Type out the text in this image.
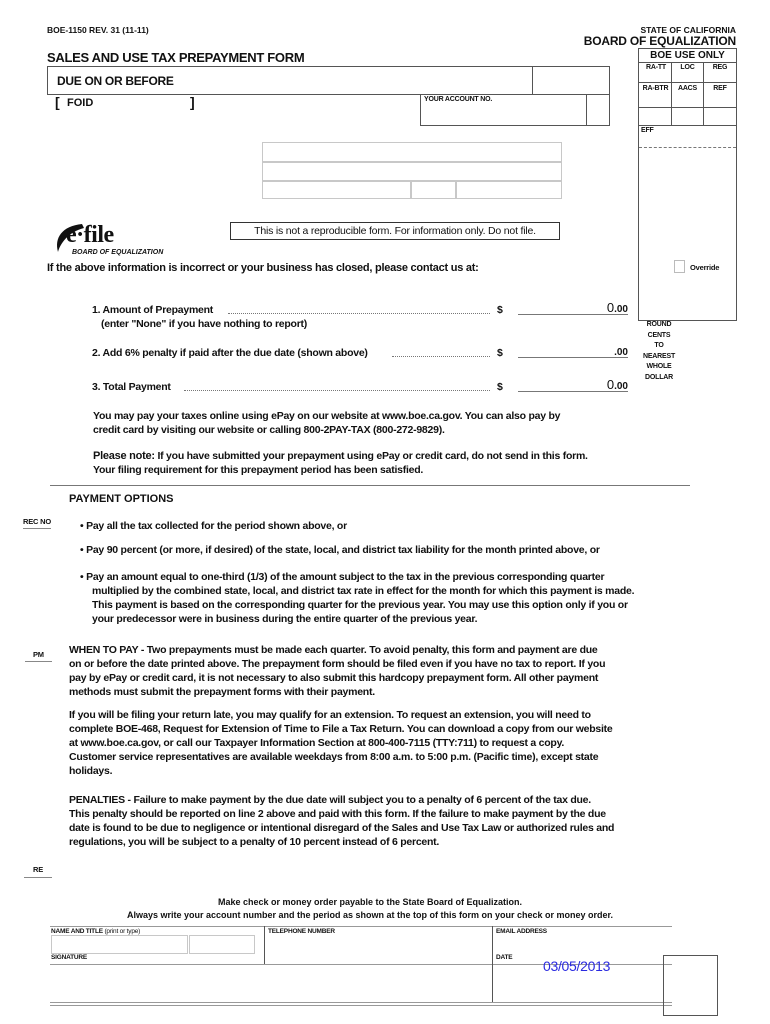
BOE-1150 REV. 31 (11-11)	STATE OF CALIFORNIA
BOARD OF EQUALIZATION
SALES AND USE TAX PREPAYMENT FORM
DUE ON OR BEFORE
[ FOID	]	YOUR ACCOUNT NO.
BOE USE ONLY
RA-TT	LOC	REG
RA-BTR	AACS	REF
EFF
e·file
BOARD OF EQUALIZATION
This is not a reproducible form. For information only. Do not file.
If the above information is incorrect or your business has closed, please contact us at:	Override
1. Amount of Prepayment
(enter "None" if you have nothing to report)
$	0.00
2. Add 6% penalty if paid after the due date (shown above)	$	.00
3. Total Payment	$	0.00
ROUND
CENTS
TO
NEAREST
WHOLE
DOLLAR
You may pay your taxes online using ePay on our website at www.boe.ca.gov. You can also pay by
credit card by visiting our website or calling 800-2PAY-TAX (800-272-9829).
Please note: If you have submitted your prepayment using ePay or credit card, do not send in this form.
Your filing requirement for this prepayment period has been satisfied.
PAYMENT OPTIONS
REC NO	• Pay all the tax collected for the period shown above, or
• Pay 90 percent (or more, if desired) of the state, local, and district tax liability for the month printed above, or
• Pay an amount equal to one-third (1/3) of the amount subject to the tax in the previous corresponding quarter
multiplied by the combined state, local, and district tax rate in effect for the month for which this payment is made.
This payment is based on the corresponding quarter for the previous year. You may use this option only if you or
your predecessor were in business during the entire quarter of the previous year.
PM	WHEN TO PAY - Two prepayments must be made each quarter. To avoid penalty, this form and payment are due
on or before the date printed above. The prepayment form should be filed even if you have no tax to report. If you
pay by ePay or credit card, it is not necessary to also submit this hardcopy prepayment form. All other payment
methods must submit the prepayment forms with their payment.
If you will be filing your return late, you may qualify for an extension. To request an extension, you will need to
complete BOE-468, Request for Extension of Time to File a Tax Return. You can download a copy from our website
at www.boe.ca.gov, or call our Taxpayer Information Section at 800-400-7115 (TTY:711) to request a copy.
Customer service representatives are available weekdays from 8:00 a.m. to 5:00 p.m. (Pacific time), except state
holidays.
PENALTIES - Failure to make payment by the due date will subject you to a penalty of 6 percent of the tax due.
This penalty should be reported on line 2 above and paid with this form. If the failure to make payment by the due
date is found to be due to negligence or intentional disregard of the Sales and Use Tax Law or authorized rules and
regulations, you will be subject to a penalty of 10 percent instead of 6 percent.
RE
Make check or money order payable to the State Board of Equalization.
Always write your account number and the period as shown at the top of this form on your check or money order.
NAME AND TITLE (print or type)	TELEPHONE NUMBER	EMAIL ADDRESS
SIGNATURE	DATE
03/05/2013
